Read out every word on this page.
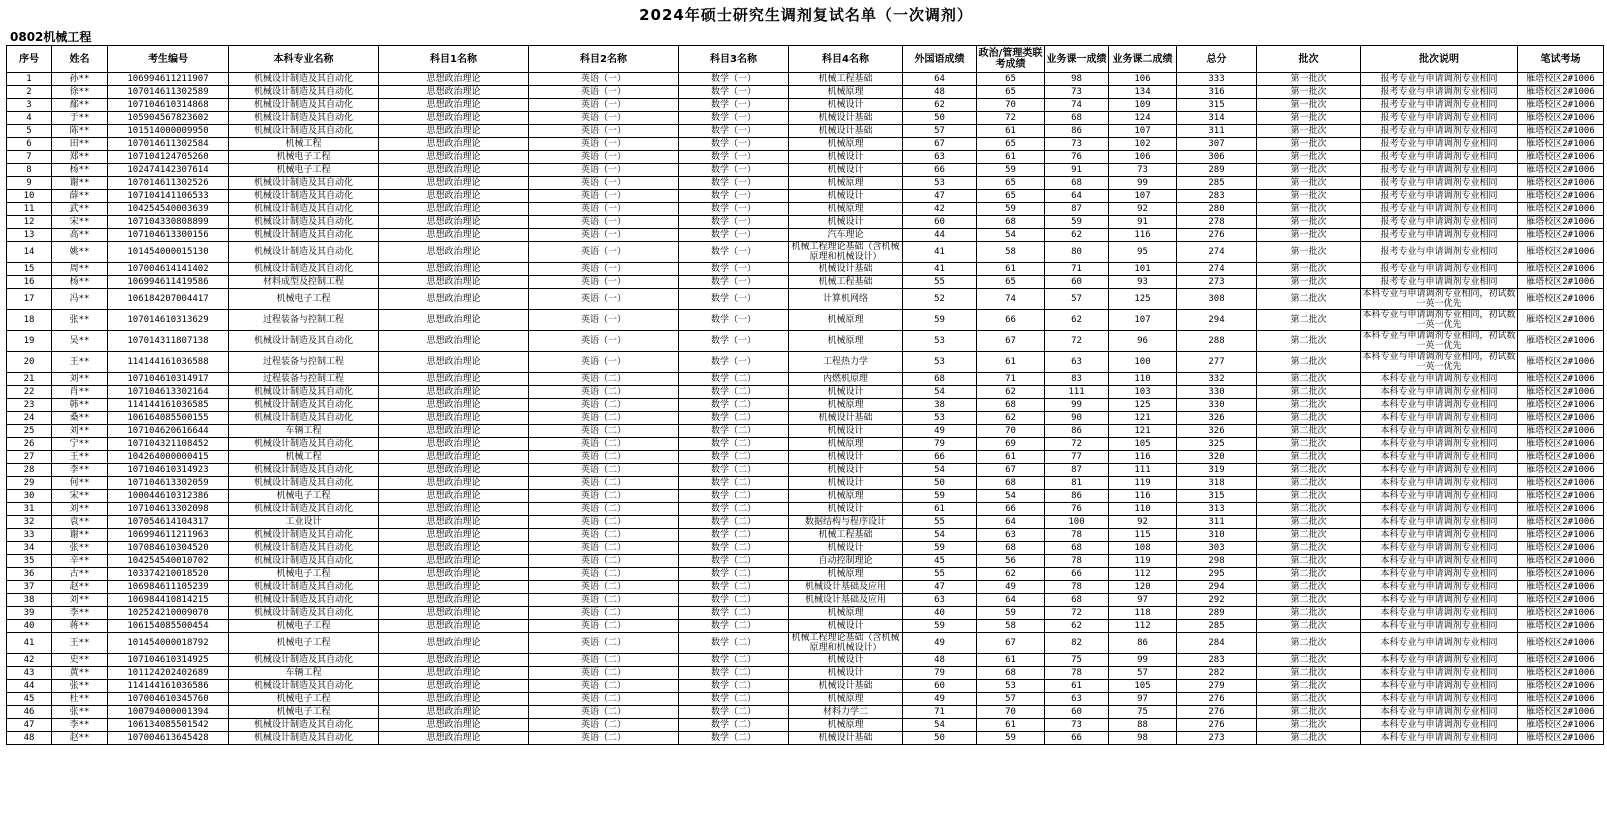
2024年硕士研究生调剂复试名单（一次调剂）
0802机械工程
序号	姓名	考生编号	本科专业名称	科目1名称	科目2名称	科目3名称	科目4名称	外国语成绩	政治/管理类联考成绩	业务课一成绩	业务课二成绩	总分	批次	批次说明	笔试考场
1	孙**	106994611211907	机械设计制造及其自动化	思想政治理论	英语（一）	数学（一）	机械工程基础	64	65	98	106	333	第一批次	报考专业与申请调剂专业相同	雁塔校区2#1006
2	徐**	107014611302589	机械设计制造及其自动化	思想政治理论	英语（一）	数学（一）	机械原理	48	65	73	134	316	第一批次	报考专业与申请调剂专业相同	雁塔校区2#1006
3	鄢**	107104610314868	机械设计制造及其自动化	思想政治理论	英语（一）	数学（一）	机械设计	62	70	74	109	315	第一批次	报考专业与申请调剂专业相同	雁塔校区2#1006
4	于**	105904567823602	机械设计制造及其自动化	思想政治理论	英语（一）	数学（一）	机械设计基础	50	72	68	124	314	第一批次	报考专业与申请调剂专业相同	雁塔校区2#1006
5	陈**	101514000009950	机械设计制造及其自动化	思想政治理论	英语（一）	数学（一）	机械设计基础	57	61	86	107	311	第一批次	报考专业与申请调剂专业相同	雁塔校区2#1006
6	田**	107014611302584	机械工程	思想政治理论	英语（一）	数学（一）	机械原理	67	65	73	102	307	第一批次	报考专业与申请调剂专业相同	雁塔校区2#1006
7	郑**	107104124705260	机械电子工程	思想政治理论	英语（一）	数学（一）	机械设计	63	61	76	106	306	第一批次	报考专业与申请调剂专业相同	雁塔校区2#1006
8	杨**	102474142307614	机械电子工程	思想政治理论	英语（一）	数学（一）	机械设计	66	59	91	73	289	第一批次	报考专业与申请调剂专业相同	雁塔校区2#1006
9	谢**	107014611302526	机械设计制造及其自动化	思想政治理论	英语（一）	数学（一）	机械原理	53	65	68	99	285	第一批次	报考专业与申请调剂专业相同	雁塔校区2#1006
10	薛**	107104141106533	机械设计制造及其自动化	思想政治理论	英语（一）	数学（一）	机械设计	47	65	64	107	283	第一批次	报考专业与申请调剂专业相同	雁塔校区2#1006
11	武**	104254540003639	机械设计制造及其自动化	思想政治理论	英语（一）	数学（一）	机械原理	42	59	87	92	280	第一批次	报考专业与申请调剂专业相同	雁塔校区2#1006
12	宋**	107104330808899	机械设计制造及其自动化	思想政治理论	英语（一）	数学（一）	机械设计	60	68	59	91	278	第一批次	报考专业与申请调剂专业相同	雁塔校区2#1006
13	高**	107104613300156	机械设计制造及其自动化	思想政治理论	英语（一）	数学（一）	汽车理论	44	54	62	116	276	第一批次	报考专业与申请调剂专业相同	雁塔校区2#1006
14	姚**	101454000015130	机械设计制造及其自动化	思想政治理论	英语（一）	数学（一）	机械工程理论基础（含机械原理和机械设计）	41	58	80	95	274	第一批次	报考专业与申请调剂专业相同	雁塔校区2#1006
15	周**	107004614141402	机械设计制造及其自动化	思想政治理论	英语（一）	数学（一）	机械设计基础	41	61	71	101	274	第一批次	报考专业与申请调剂专业相同	雁塔校区2#1006
16	杨**	106994611419586	材料成型及控制工程	思想政治理论	英语（一）	数学（一）	机械工程基础	55	65	60	93	273	第一批次	报考专业与申请调剂专业相同	雁塔校区2#1006
17	冯**	106184207004417	机械电子工程	思想政治理论	英语（一）	数学（一）	计算机网络	52	74	57	125	308	第二批次	本科专业与申请调剂专业相同，初试数一英一优先	雁塔校区2#1006
18	张**	107014610313629	过程装备与控制工程	思想政治理论	英语（一）	数学（一）	机械原理	59	66	62	107	294	第二批次	本科专业与申请调剂专业相同，初试数一英一优先	雁塔校区2#1006
19	吴**	107014311807138	机械设计制造及其自动化	思想政治理论	英语（一）	数学（一）	机械原理	53	67	72	96	288	第二批次	本科专业与申请调剂专业相同，初试数一英一优先	雁塔校区2#1006
20	王**	114144161036588	过程装备与控制工程	思想政治理论	英语（一）	数学（一）	工程热力学	53	61	63	100	277	第二批次	本科专业与申请调剂专业相同，初试数一英一优先	雁塔校区2#1006
21	刘**	107104610314917	过程装备与控制工程	思想政治理论	英语（二）	数学（二）	内燃机原理	68	71	83	110	332	第二批次	本科专业与申请调剂专业相同	雁塔校区2#1006
22	肖**	107104613302164	机械设计制造及其自动化	思想政治理论	英语（二）	数学（二）	机械设计	54	62	111	103	330	第二批次	本科专业与申请调剂专业相同	雁塔校区2#1006
23	韩**	114144161036585	机械设计制造及其自动化	思想政治理论	英语（二）	数学（二）	机械原理	38	68	99	125	330	第二批次	本科专业与申请调剂专业相同	雁塔校区2#1006
24	桑**	106164085500155	机械设计制造及其自动化	思想政治理论	英语（二）	数学（二）	机械设计基础	53	62	90	121	326	第二批次	本科专业与申请调剂专业相同	雁塔校区2#1006
25	刘**	107104620616644	车辆工程	思想政治理论	英语（二）	数学（二）	机械设计	49	70	86	121	326	第二批次	本科专业与申请调剂专业相同	雁塔校区2#1006
26	宁**	107104321108452	机械设计制造及其自动化	思想政治理论	英语（二）	数学（二）	机械原理	79	69	72	105	325	第二批次	本科专业与申请调剂专业相同	雁塔校区2#1006
27	王**	104264000000415	机械工程	思想政治理论	英语（二）	数学（二）	机械设计	66	61	77	116	320	第二批次	本科专业与申请调剂专业相同	雁塔校区2#1006
28	李**	107104610314923	机械设计制造及其自动化	思想政治理论	英语（二）	数学（二）	机械设计	54	67	87	111	319	第二批次	本科专业与申请调剂专业相同	雁塔校区2#1006
29	何**	107104613302059	机械设计制造及其自动化	思想政治理论	英语（二）	数学（二）	机械设计	50	68	81	119	318	第二批次	本科专业与申请调剂专业相同	雁塔校区2#1006
30	宋**	100044610312386	机械电子工程	思想政治理论	英语（二）	数学（二）	机械原理	59	54	86	116	315	第二批次	本科专业与申请调剂专业相同	雁塔校区2#1006
31	刘**	107104613302098	机械设计制造及其自动化	思想政治理论	英语（二）	数学（二）	机械设计	61	66	76	110	313	第二批次	本科专业与申请调剂专业相同	雁塔校区2#1006
32	袁**	107054614104317	工业设计	思想政治理论	英语（二）	数学（二）	数据结构与程序设计	55	64	100	92	311	第二批次	本科专业与申请调剂专业相同	雁塔校区2#1006
33	谢**	106994611211963	机械设计制造及其自动化	思想政治理论	英语（二）	数学（二）	机械工程基础	54	63	78	115	310	第二批次	本科专业与申请调剂专业相同	雁塔校区2#1006
34	张**	107084610304520	机械设计制造及其自动化	思想政治理论	英语（二）	数学（二）	机械设计	59	68	68	108	303	第二批次	本科专业与申请调剂专业相同	雁塔校区2#1006
35	辛**	104254540010702	机械设计制造及其自动化	思想政治理论	英语（二）	数学（二）	自动控制理论	45	56	78	119	298	第二批次	本科专业与申请调剂专业相同	雁塔校区2#1006
36	古**	103374210018520	机械电子工程	思想政治理论	英语（二）	数学（二）	机械原理	55	62	66	112	295	第二批次	本科专业与申请调剂专业相同	雁塔校区2#1006
37	赵**	106984611105239	机械设计制造及其自动化	思想政治理论	英语（二）	数学（二）	机械设计基础及应用	47	49	78	120	294	第二批次	本科专业与申请调剂专业相同	雁塔校区2#1006
38	刘**	106984410814215	机械设计制造及其自动化	思想政治理论	英语（二）	数学（二）	机械设计基础及应用	63	64	68	97	292	第二批次	本科专业与申请调剂专业相同	雁塔校区2#1006
39	李**	102524210009070	机械设计制造及其自动化	思想政治理论	英语（二）	数学（二）	机械原理	40	59	72	118	289	第二批次	本科专业与申请调剂专业相同	雁塔校区2#1006
40	蒋**	106154085500454	机械电子工程	思想政治理论	英语（二）	数学（二）	机械设计	59	58	62	112	285	第二批次	本科专业与申请调剂专业相同	雁塔校区2#1006
41	王**	101454000018792	机械电子工程	思想政治理论	英语（二）	数学（二）	机械工程理论基础（含机械原理和机械设计）	49	67	82	86	284	第二批次	本科专业与申请调剂专业相同	雁塔校区2#1006
42	史**	107104610314925	机械设计制造及其自动化	思想政治理论	英语（二）	数学（二）	机械设计	48	61	75	99	283	第二批次	本科专业与申请调剂专业相同	雁塔校区2#1006
43	黄**	101124202402689	车辆工程	思想政治理论	英语（二）	数学（二）	机械设计	79	68	78	57	282	第二批次	本科专业与申请调剂专业相同	雁塔校区2#1006
44	张**	114144161036586	机械设计制造及其自动化	思想政治理论	英语（二）	数学（二）	机械设计基础	60	53	61	105	279	第二批次	本科专业与申请调剂专业相同	雁塔校区2#1006
45	杜**	107004610345760	机械电子工程	思想政治理论	英语（二）	数学（二）	机械原理	49	57	63	97	276	第二批次	本科专业与申请调剂专业相同	雁塔校区2#1006
46	张**	100794000001394	机械电子工程	思想政治理论	英语（二）	数学（二）	材料力学二	71	70	60	75	276	第二批次	本科专业与申请调剂专业相同	雁塔校区2#1006
47	李**	106134085501542	机械设计制造及其自动化	思想政治理论	英语（二）	数学（二）	机械原理	54	61	73	88	276	第二批次	本科专业与申请调剂专业相同	雁塔校区2#1006
48	赵**	107004613645428	机械设计制造及其自动化	思想政治理论	英语（二）	数学（二）	机械设计基础	50	59	66	98	273	第二批次	本科专业与申请调剂专业相同	雁塔校区2#1006
